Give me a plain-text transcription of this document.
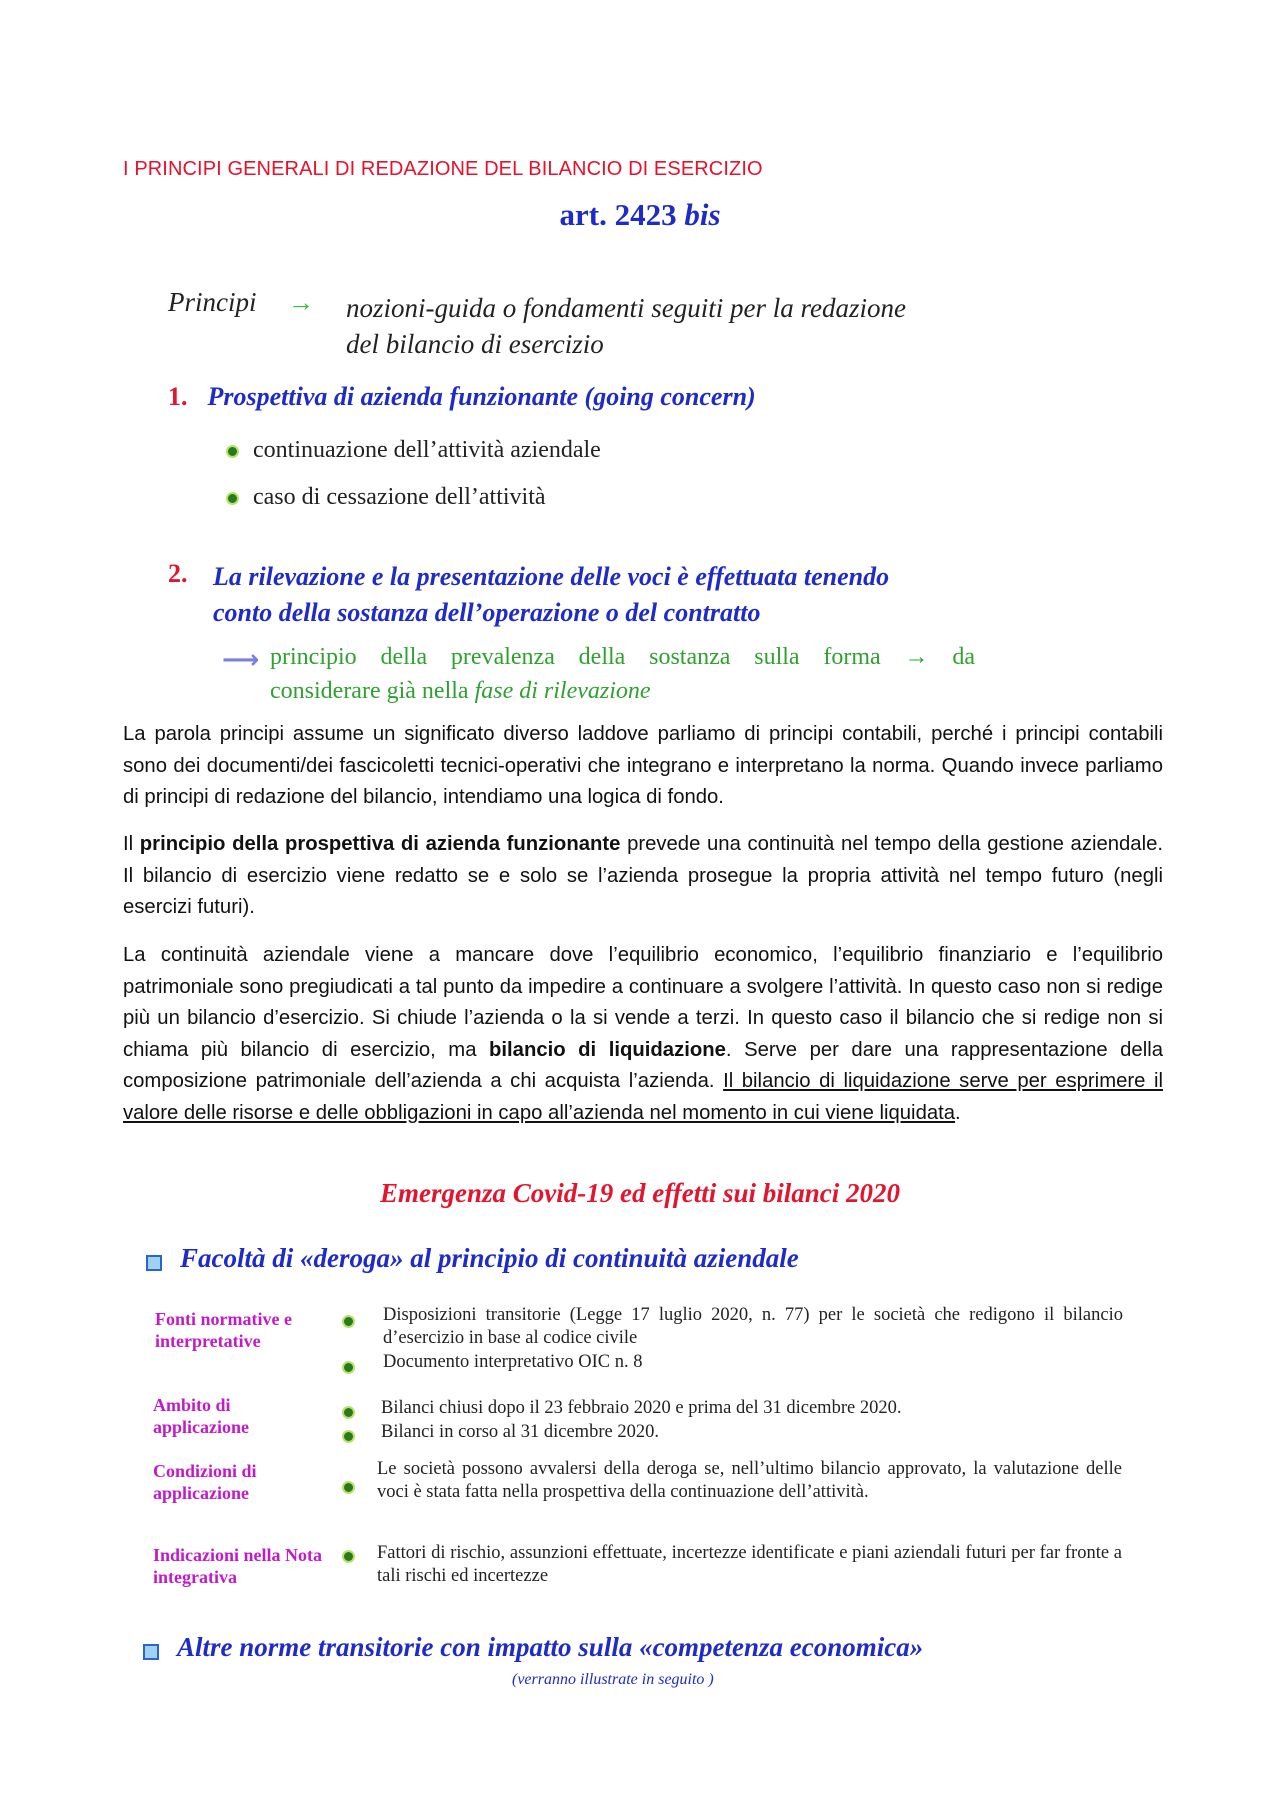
I PRINCIPI GENERALI DI REDAZIONE DEL BILANCIO DI ESERCIZIO
art. 2423 bis
Principi → nozioni-guida o fondamenti seguiti per la redazione
del bilancio di esercizio
1. Prospettiva di azienda funzionante (going concern)
continuazione dell’attività aziendale
caso di cessazione dell’attività
2. La rilevazione e la presentazione delle voci è effettuata tenendo
conto della sostanza dell’operazione o del contratto
⟶ principio della prevalenza della sostanza sulla forma → da
considerare già nella fase di rilevazione

La parola principi assume un significato diverso laddove parliamo di principi contabili, perché i principi contabili sono dei documenti/dei fascicoletti tecnici-operativi che integrano e interpretano la norma. Quando invece parliamo di principi di redazione del bilancio, intendiamo una logica di fondo.

Il principio della prospettiva di azienda funzionante prevede una continuità nel tempo della gestione aziendale. Il bilancio di esercizio viene redatto se e solo se l’azienda prosegue la propria attività nel tempo futuro (negli esercizi futuri).

La continuità aziendale viene a mancare dove l’equilibrio economico, l’equilibrio finanziario e l’equilibrio patrimoniale sono pregiudicati a tal punto da impedire a continuare a svolgere l’attività. In questo caso non si redige più un bilancio d’esercizio. Si chiude l’azienda o la si vende a terzi. In questo caso il bilancio che si redige non si chiama più bilancio di esercizio, ma bilancio di liquidazione. Serve per dare una rappresentazione della composizione patrimoniale dell’azienda a chi acquista l’azienda. Il bilancio di liquidazione serve per esprimere il valore delle risorse e delle obbligazioni in capo all’azienda nel momento in cui viene liquidata.

Emergenza Covid-19 ed effetti sui bilanci 2020
Facoltà di «deroga» al principio di continuità aziendale
Fonti normative e interpretative
Disposizioni transitorie (Legge 17 luglio 2020, n. 77) per le società che redigono il bilancio d’esercizio in base al codice civile
Documento interpretativo OIC n. 8
Ambito di applicazione
Bilanci chiusi dopo il 23 febbraio 2020 e prima del 31 dicembre 2020.
Bilanci in corso al 31 dicembre 2020.
Condizioni di applicazione
Le società possono avvalersi della deroga se, nell’ultimo bilancio approvato, la valutazione delle voci è stata fatta nella prospettiva della continuazione dell’attività.
Indicazioni nella Nota integrativa
Fattori di rischio, assunzioni effettuate, incertezze identificate e piani aziendali futuri per far fronte a tali rischi ed incertezze
Altre norme transitorie con impatto sulla «competenza economica»
(verranno illustrate in seguito )
